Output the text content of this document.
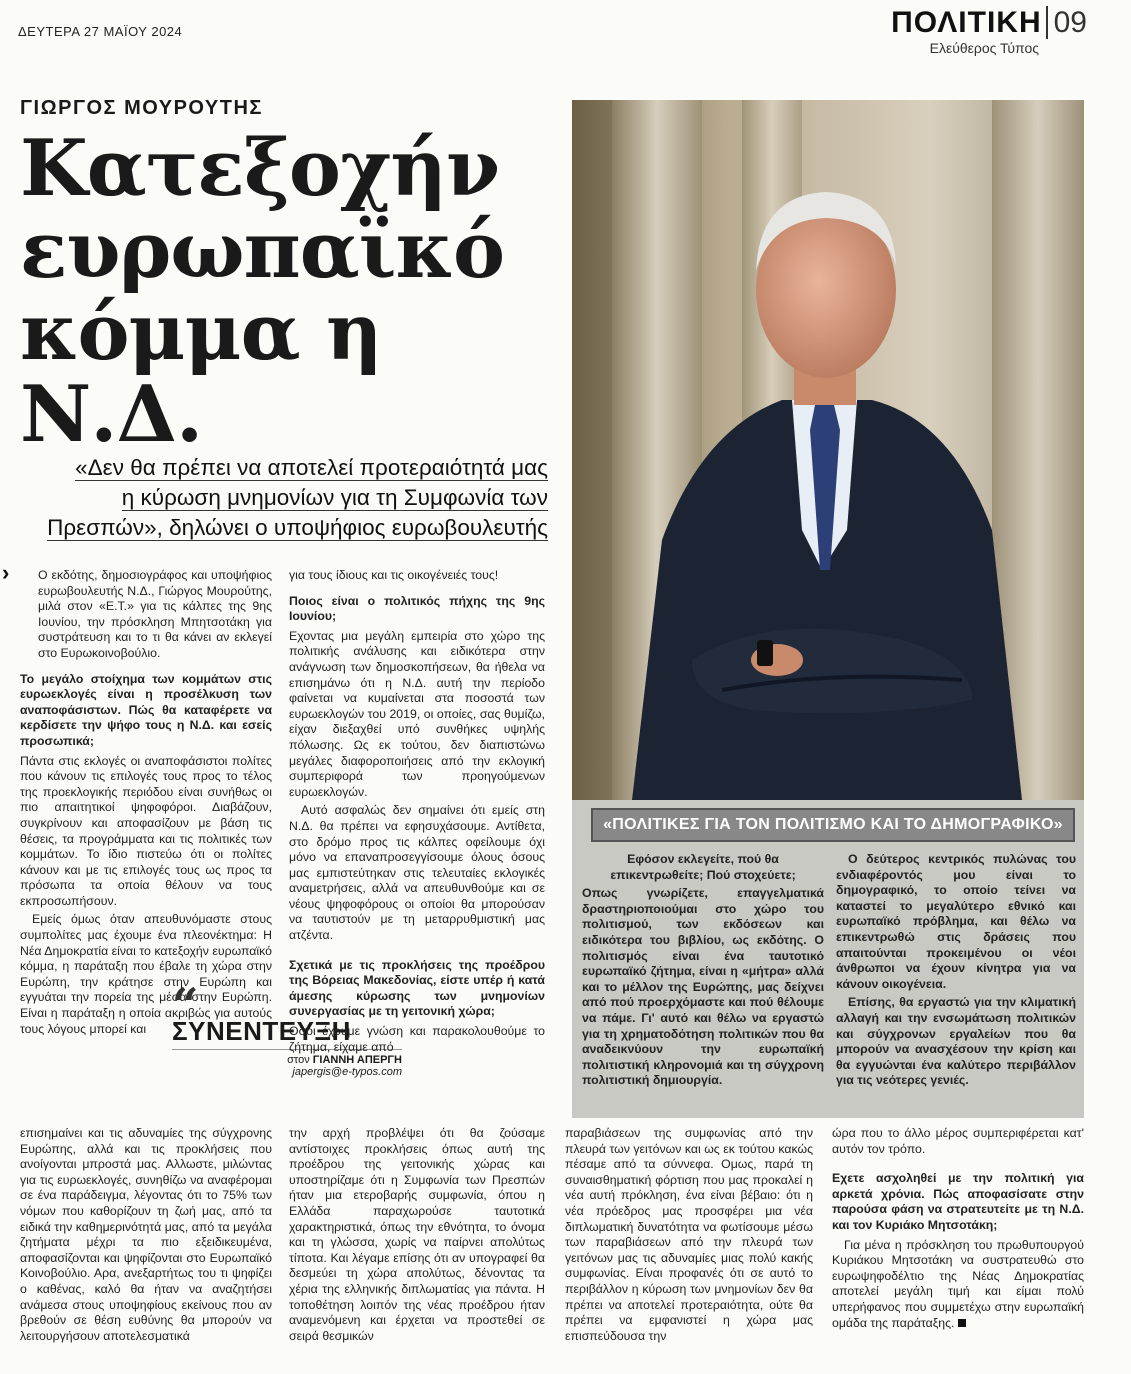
ΔΕΥΤΕΡΑ 27 ΜΑΪΟΥ 2024	ΠΟΛΙΤΙΚΗ 09
Ελεύθερος Τύπος
ΓΙΩΡΓΟΣ ΜΟΥΡΟΥΤΗΣ
Κατεξοχήν
ευρωπαϊκό
κόμμα η Ν.Δ.
«Δεν θα πρέπει να αποτελεί προτεραιότητά μας
η κύρωση μνημονίων για τη Συμφωνία των
Πρεσπών», δηλώνει ο υποψήφιος ευρωβουλευτής

› Ο εκδότης, δημοσιογράφος και υποψήφιος ευρωβουλευτής Ν.Δ., Γιώργος Μουρούτης, μιλά στον «Ε.Τ.» για τις κάλπες της 9ης Ιουνίου, την πρόσκληση Μπητσοτάκη για συστράτευση και το τι θα κάνει αν εκλεγεί στο Ευρωκοινοβούλιο.

Το μεγάλο στοίχημα των κομμάτων στις ευρωεκλογές είναι η προσέλκυση των αναποφάσιστων. Πώς θα καταφέρετε να κερδίσετε την ψήφο τους η Ν.Δ. και εσείς προσωπικά;

Πάντα στις εκλογές οι αναποφάσιστοι πολίτες που κάνουν τις επιλογές τους προς το τέλος της προεκλογικής περιόδου είναι συνήθως οι πιο απαιτητικοί ψηφοφόροι. Διαβάζουν, συγκρίνουν και αποφασίζουν με βάση τις θέσεις, τα προγράμματα και τις πολιτικές των κομμάτων. Το ίδιο πιστεύω ότι οι πολίτες κάνουν και με τις επιλογές τους ως προς τα πρόσωπα τα οποία θέλουν να τους εκπροσωπήσουν.

Εμείς όμως όταν απευθυνόμαστε στους συμπολίτες μας έχουμε ένα πλεονέκτημα: Η Νέα Δημοκρατία είναι το κατεξοχήν ευρωπαϊκό κόμμα, η παράταξη που έβαλε τη χώρα στην Ευρώπη, την κράτησε στην Ευρώπη και εγγυάται την πορεία της μέσα στην Ευρώπη. Είναι η παράταξη η οποία ακριβώς για αυτούς τους λόγους μπορεί και “
ΣΥΝΕΝΤΕΥΞΗ
στον ΓΙΑΝΝΗ ΑΠΕΡΓΗ
japergis@e-typos.com

για τους ίδιους και τις οικογένειές τους!

Ποιος είναι ο πολιτικός πήχης της 9ης Ιουνίου;

Εχοντας μια μεγάλη εμπειρία στο χώρο της πολιτικής ανάλυσης και ειδικότερα στην ανάγνωση των δημοσκοπήσεων, θα ήθελα να επισημάνω ότι η Ν.Δ. αυτή την περίοδο φαίνεται να κυμαίνεται στα ποσοστά των ευρωεκλογών του 2019, οι οποίες, σας θυμίζω, είχαν διεξαχθεί υπό συνθήκες υψηλής πόλωσης. Ως εκ τούτου, δεν διαπιστώνω μεγάλες διαφοροποιήσεις από την εκλογική συμπεριφορά των προηγούμενων ευρωεκλογών.

Αυτό ασφαλώς δεν σημαίνει ότι εμείς στη Ν.Δ. θα πρέπει να εφησυχάσουμε. Αντίθετα, στο δρόμο προς τις κάλπες οφείλουμε όχι μόνο να επαναπροσεγγίσουμε όλους όσους μας εμπιστεύτηκαν στις τελευταίες εκλογικές αναμετρήσεις, αλλά να απευθυνθούμε και σε νέους ψηφοφόρους οι οποίοι θα μπορούσαν να ταυτιστούν με τη μεταρρυθμιστική μας ατζέντα.

Σχετικά με τις προκλήσεις της προέδρου της Βόρειας Μακεδονίας, είστε υπέρ ή κατά άμεσης κύρωσης των μνημονίων συνεργασίας με τη γειτονική χώρα;

Οσοι έχουμε γνώση και παρακολουθούμε το ζήτημα, είχαμε από

επισημαίνει και τις αδυναμίες της σύγχρονης Ευρώπης, αλλά και τις προκλήσεις που ανοίγονται μπροστά μας. Αλλωστε, μιλώντας για τις ευρωεκλογές, συνηθίζω να αναφέρομαι σε ένα παράδειγμα, λέγοντας ότι το 75% των νόμων που καθορίζουν τη ζωή μας, από τα ειδικά την καθημερινότητά μας, από τα μεγάλα ζητήματα μέχρι τα πιο εξειδικευμένα, αποφασίζονται και ψηφίζονται στο Ευρωπαϊκό Κοινοβούλιο. Αρα, ανεξαρτήτως του τι ψηφίζει ο καθένας, καλό θα ήταν να αναζητήσει ανάμεσα στους υποψηφίους εκείνους που αν βρεθούν σε θέση ευθύνης θα μπορούν να λειτουργήσουν αποτελεσματικά

την αρχή προβλέψει ότι θα ζούσαμε αντίστοιχες προκλήσεις όπως αυτή της προέδρου της γειτονικής χώρας και υποστηρίζαμε ότι η Συμφωνία των Πρεσπών ήταν μια ετεροβαρής συμφωνία, όπου η Ελλάδα παραχωρούσε ταυτοτικά χαρακτηριστικά, όπως την εθνότητα, το όνομα και τη γλώσσα, χωρίς να παίρνει απολύτως τίποτα. Και λέγαμε επίσης ότι αν υπογραφεί θα δεσμεύει τη χώρα απολύτως, δένοντας τα χέρια της ελληνικής διπλωματίας για πάντα. Η τοποθέτηση λοιπόν της νέας προέδρου ήταν αναμενόμενη και έρχεται να προστεθεί σε σειρά θεσμικών

«ΠΟΛΙΤΙΚΕΣ ΓΙΑ ΤΟΝ ΠΟΛΙΤΙΣΜΟ ΚΑΙ ΤΟ ΔΗΜΟΓΡΑΦΙΚΟ»

Εφόσον εκλεγείτε, πού θα επικεντρωθείτε; Πού στοχεύετε;

Οπως γνωρίζετε, επαγγελματικά δραστηριοποιούμαι στο χώρο του πολιτισμού, των εκδόσεων και ειδικότερα του βιβλίου, ως εκδότης. Ο πολιτισμός είναι ένα ταυτοτικό ευρωπαϊκό ζήτημα, είναι η «μήτρα» αλλά και το μέλλον της Ευρώπης, μας δείχνει από πού προερχόμαστε και πού θέλουμε να πάμε. Γι' αυτό και θέλω να εργαστώ για τη χρηματοδότηση πολιτικών που θα αναδεικνύουν την ευρωπαϊκή πολιτιστική κληρονομιά και τη σύγχρονη πολιτιστική δημιουργία.

Ο δεύτερος κεντρικός πυλώνας του ενδιαφέροντός μου είναι το δημογραφικό, το οποίο τείνει να καταστεί το μεγαλύτερο εθνικό και ευρωπαϊκό πρόβλημα, και θέλω να επικεντρωθώ στις δράσεις που απαιτούνται προκειμένου οι νέοι άνθρωποι να έχουν κίνητρα για να κάνουν οικογένεια.

Επίσης, θα εργαστώ για την κλιματική αλλαγή και την ενσωμάτωση πολιτικών και σύγχρονων εργαλείων που θα μπορούν να ανασχέσουν την κρίση και θα εγγυώνται ένα καλύτερο περιβάλλον για τις νεότερες γενιές.

παραβιάσεων της συμφωνίας από την πλευρά των γειτόνων και ως εκ τούτου κακώς πέσαμε από τα σύννεφα. Ομως, παρά τη συναισθηματική φόρτιση που μας προκαλεί η νέα αυτή πρόκληση, ένα είναι βέβαιο: ότι η νέα πρόεδρος μας προσφέρει μια νέα διπλωματική δυνατότητα να φωτίσουμε μέσω των παραβιάσεων από την πλευρά των γειτόνων μας τις αδυναμίες μιας πολύ κακής συμφωνίας. Είναι προφανές ότι σε αυτό το περιβάλλον η κύρωση των μνημονίων δεν θα πρέπει να αποτελεί προτεραιότητα, ούτε θα πρέπει να εμφανιστεί η χώρα μας επισπεύδουσα την

ώρα που το άλλο μέρος συμπεριφέρεται κατ' αυτόν τον τρόπο.

Εχετε ασχοληθεί με την πολιτική για αρκετά χρόνια. Πώς αποφασίσατε στην παρούσα φάση να στρατευτείτε με τη Ν.Δ. και τον Κυριάκο Μητσοτάκη;

Για μένα η πρόσκληση του πρωθυπουργού Κυριάκου Μητσοτάκη να συστρατευθώ στο ευρωψηφοδέλτιο της Νέας Δημοκρατίας αποτελεί μεγάλη τιμή και είμαι πολύ υπερήφανος που συμμετέχω στην ευρωπαϊκή ομάδα της παράταξης.
